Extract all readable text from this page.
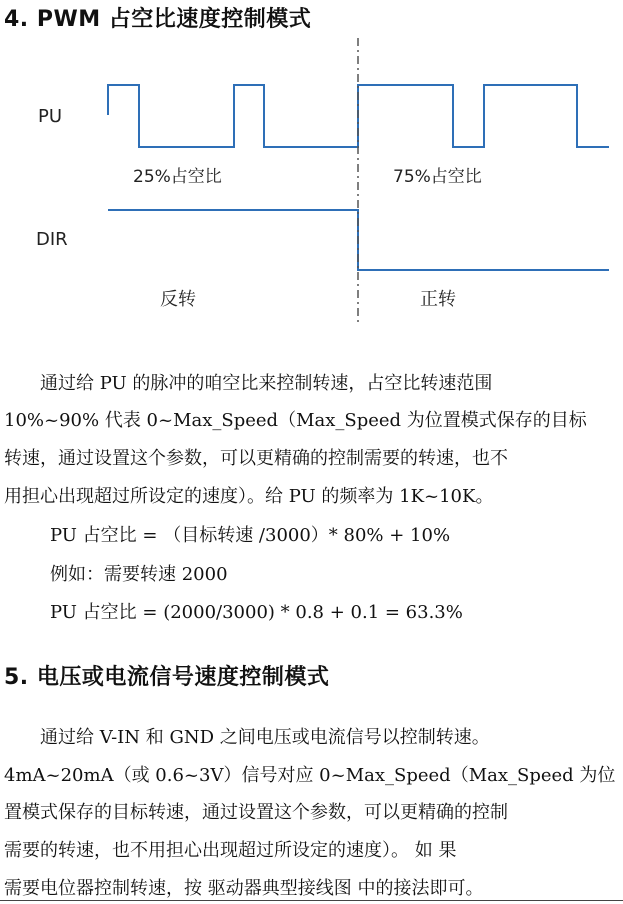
4. PWM 占空比速度控制模式
PU
DIR
25%占空比	75%占空比
反转	正转
　　通过给 PU 的脉冲的咱空比来控制转速，占空比转速范围
10%~90% 代表 0~Max_Speed（Max_Speed 为位置模式保存的目标
转速，通过设置这个参数，可以更精确的控制需要的转速，也不
用担心出现超过所设定的速度）。给 PU 的频率为 1K~10K。
PU 占空比 = （目标转速 /3000）* 80% + 10%
例如：需要转速 2000
PU 占空比 = (2000/3000) * 0.8 + 0.1 = 63.3%
5. 电压或电流信号速度控制模式
　　通过给 V-IN 和 GND 之间电压或电流信号以控制转速。
4mA~20mA（或 0.6~3V）信号对应 0~Max_Speed（Max_Speed 为位
置模式保存的目标转速，通过设置这个参数，可以更精确的控制
需要的转速，也不用担心出现超过所设定的速度）。 如 果
需要电位器控制转速，按 驱动器典型接线图 中的接法即可。
